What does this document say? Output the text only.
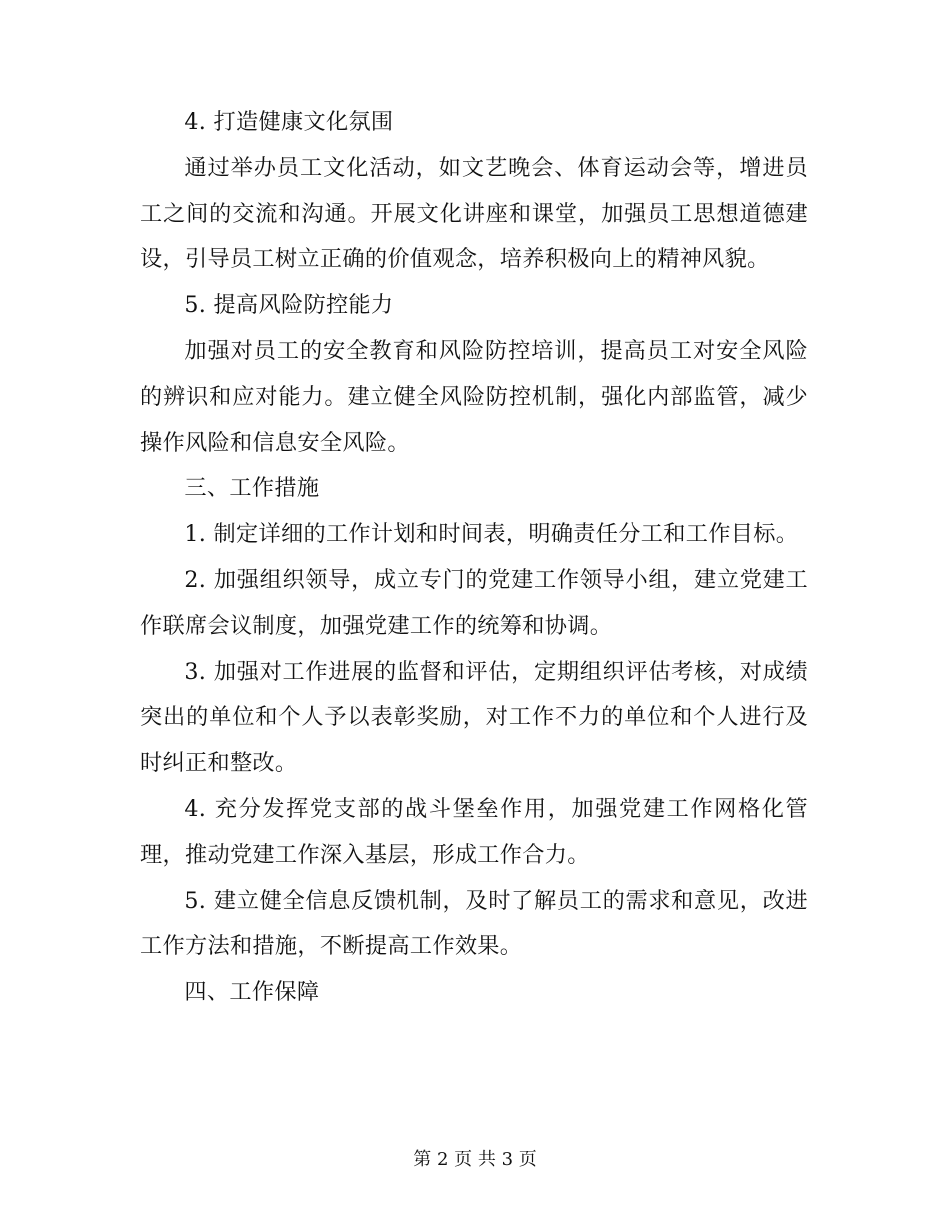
4. 打造健康文化氛围

通过举办员工文化活动，如文艺晚会、体育运动会等，增进员工之间的交流和沟通。开展文化讲座和课堂，加强员工思想道德建设，引导员工树立正确的价值观念，培养积极向上的精神风貌。

5. 提高风险防控能力

加强对员工的安全教育和风险防控培训，提高员工对安全风险的辨识和应对能力。建立健全风险防控机制，强化内部监管，减少操作风险和信息安全风险。

三、工作措施

1. 制定详细的工作计划和时间表，明确责任分工和工作目标。

2. 加强组织领导，成立专门的党建工作领导小组，建立党建工作联席会议制度，加强党建工作的统筹和协调。

3. 加强对工作进展的监督和评估，定期组织评估考核，对成绩突出的单位和个人予以表彰奖励，对工作不力的单位和个人进行及时纠正和整改。

4. 充分发挥党支部的战斗堡垒作用，加强党建工作网格化管理，推动党建工作深入基层，形成工作合力。

5. 建立健全信息反馈机制，及时了解员工的需求和意见，改进工作方法和措施，不断提高工作效果。

四、工作保障

第 2 页 共 3 页
